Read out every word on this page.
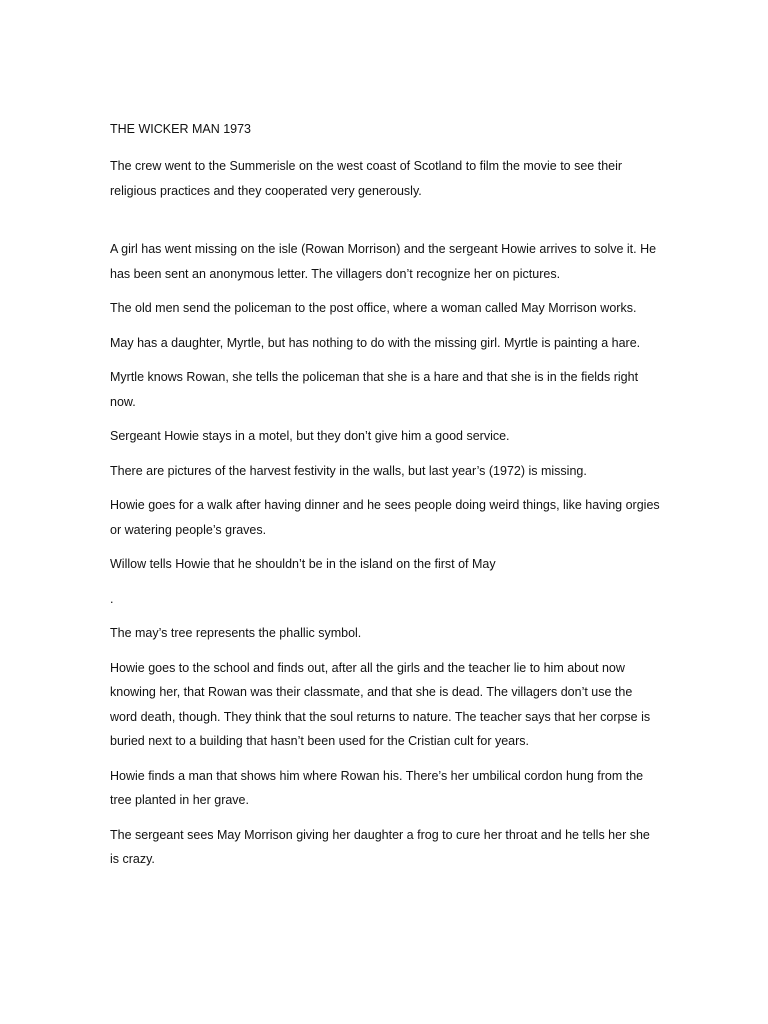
THE WICKER MAN 1973

The crew went to the Summerisle on the west coast of Scotland to film the movie to see their religious practices and they cooperated very generously.

A girl has went missing on the isle (Rowan Morrison) and the sergeant Howie arrives to solve it. He has been sent an anonymous letter. The villagers don’t recognize her on pictures.

The old men send the policeman to the post office, where a woman called May Morrison works.

May has a daughter, Myrtle, but has nothing to do with the missing girl. Myrtle is painting a hare.

Myrtle knows Rowan, she tells the policeman that she is a hare and that she is in the fields right now.

Sergeant Howie stays in a motel, but they don’t give him a good service.

There are pictures of the harvest festivity in the walls, but last year’s (1972) is missing.

Howie goes for a walk after having dinner and he sees people doing weird things, like having orgies or watering people’s graves.

Willow tells Howie that he shouldn’t be in the island on the first of May

.

The may’s tree represents the phallic symbol.

Howie goes to the school and finds out, after all the girls and the teacher lie to him about now knowing her, that Rowan was their classmate, and that she is dead. The villagers don’t use the word death, though. They think that the soul returns to nature. The teacher says that her corpse is buried next to a building that hasn’t been used for the Cristian cult for years.

Howie finds a man that shows him where Rowan his. There’s her umbilical cordon hung from the tree planted in her grave.

The sergeant sees May Morrison giving her daughter a frog to cure her throat and he tells her she is crazy.
